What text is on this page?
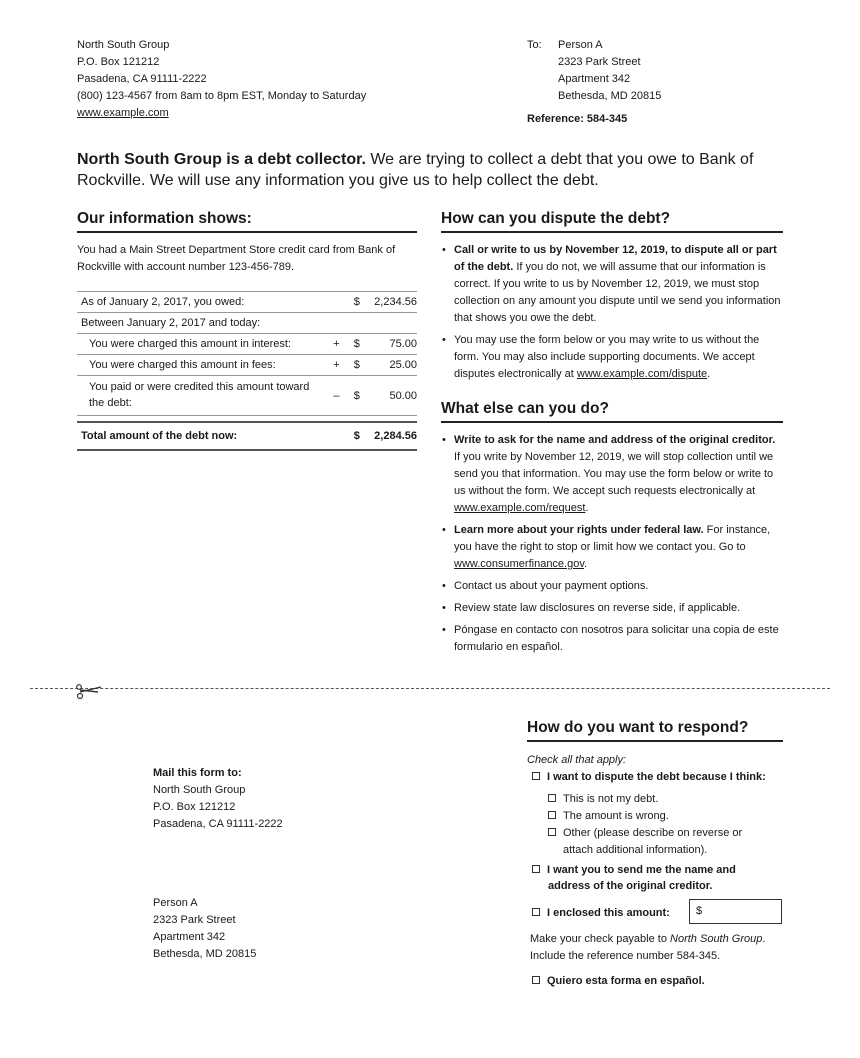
North South Group
P.O. Box 121212
Pasadena, CA 91111-2222
(800) 123-4567 from 8am to 8pm EST, Monday to Saturday
www.example.com
To: Person A
2323 Park Street
Apartment 342
Bethesda, MD 20815
Reference: 584-345
North South Group is a debt collector. We are trying to collect a debt that you owe to Bank of Rockville. We will use any information you give us to help collect the debt.
Our information shows:
You had a Main Street Department Store credit card from Bank of Rockville with account number 123-456-789.
As of January 2, 2017, you owed:		$	2,234.56
Between January 2, 2017 and today:			
You were charged this amount in interest:	+	$	75.00
You were charged this amount in fees:	+	$	25.00
You paid or were credited this amount toward the debt:	–	$	50.00

Total amount of the debt now:		$	2,284.56
How can you dispute the debt?
• Call or write to us by November 12, 2019, to dispute all or part of the debt. If you do not, we will assume that our information is correct. If you write to us by November 12, 2019, we must stop collection on any amount you dispute until we send you information that shows you owe the debt.
• You may use the form below or you may write to us without the form. You may also include supporting documents. We accept disputes electronically at www.example.com/dispute.
What else can you do?
• Write to ask for the name and address of the original creditor. If you write by November 12, 2019, we will stop collection until we send you that information. You may use the form below or write to us without the form. We accept such requests electronically at www.example.com/request.
• Learn more about your rights under federal law. For instance, you have the right to stop or limit how we contact you. Go to www.consumerfinance.gov.
• Contact us about your payment options.
• Review state law disclosures on reverse side, if applicable.
• Póngase en contacto con nosotros para solicitar una copia de este formulario en español.
Mail this form to:
North South Group
P.O. Box 121212
Pasadena, CA 91111-2222
Person A
2323 Park Street
Apartment 342
Bethesda, MD 20815
How do you want to respond?
Check all that apply:
I want to dispute the debt because I think:
This is not my debt.
The amount is wrong.
Other (please describe on reverse or
attach additional information).
I want you to send me the name and
address of the original creditor.
I enclosed this amount:	$
Make your check payable to North South Group. Include the reference number 584-345.
Quiero esta forma en español.
